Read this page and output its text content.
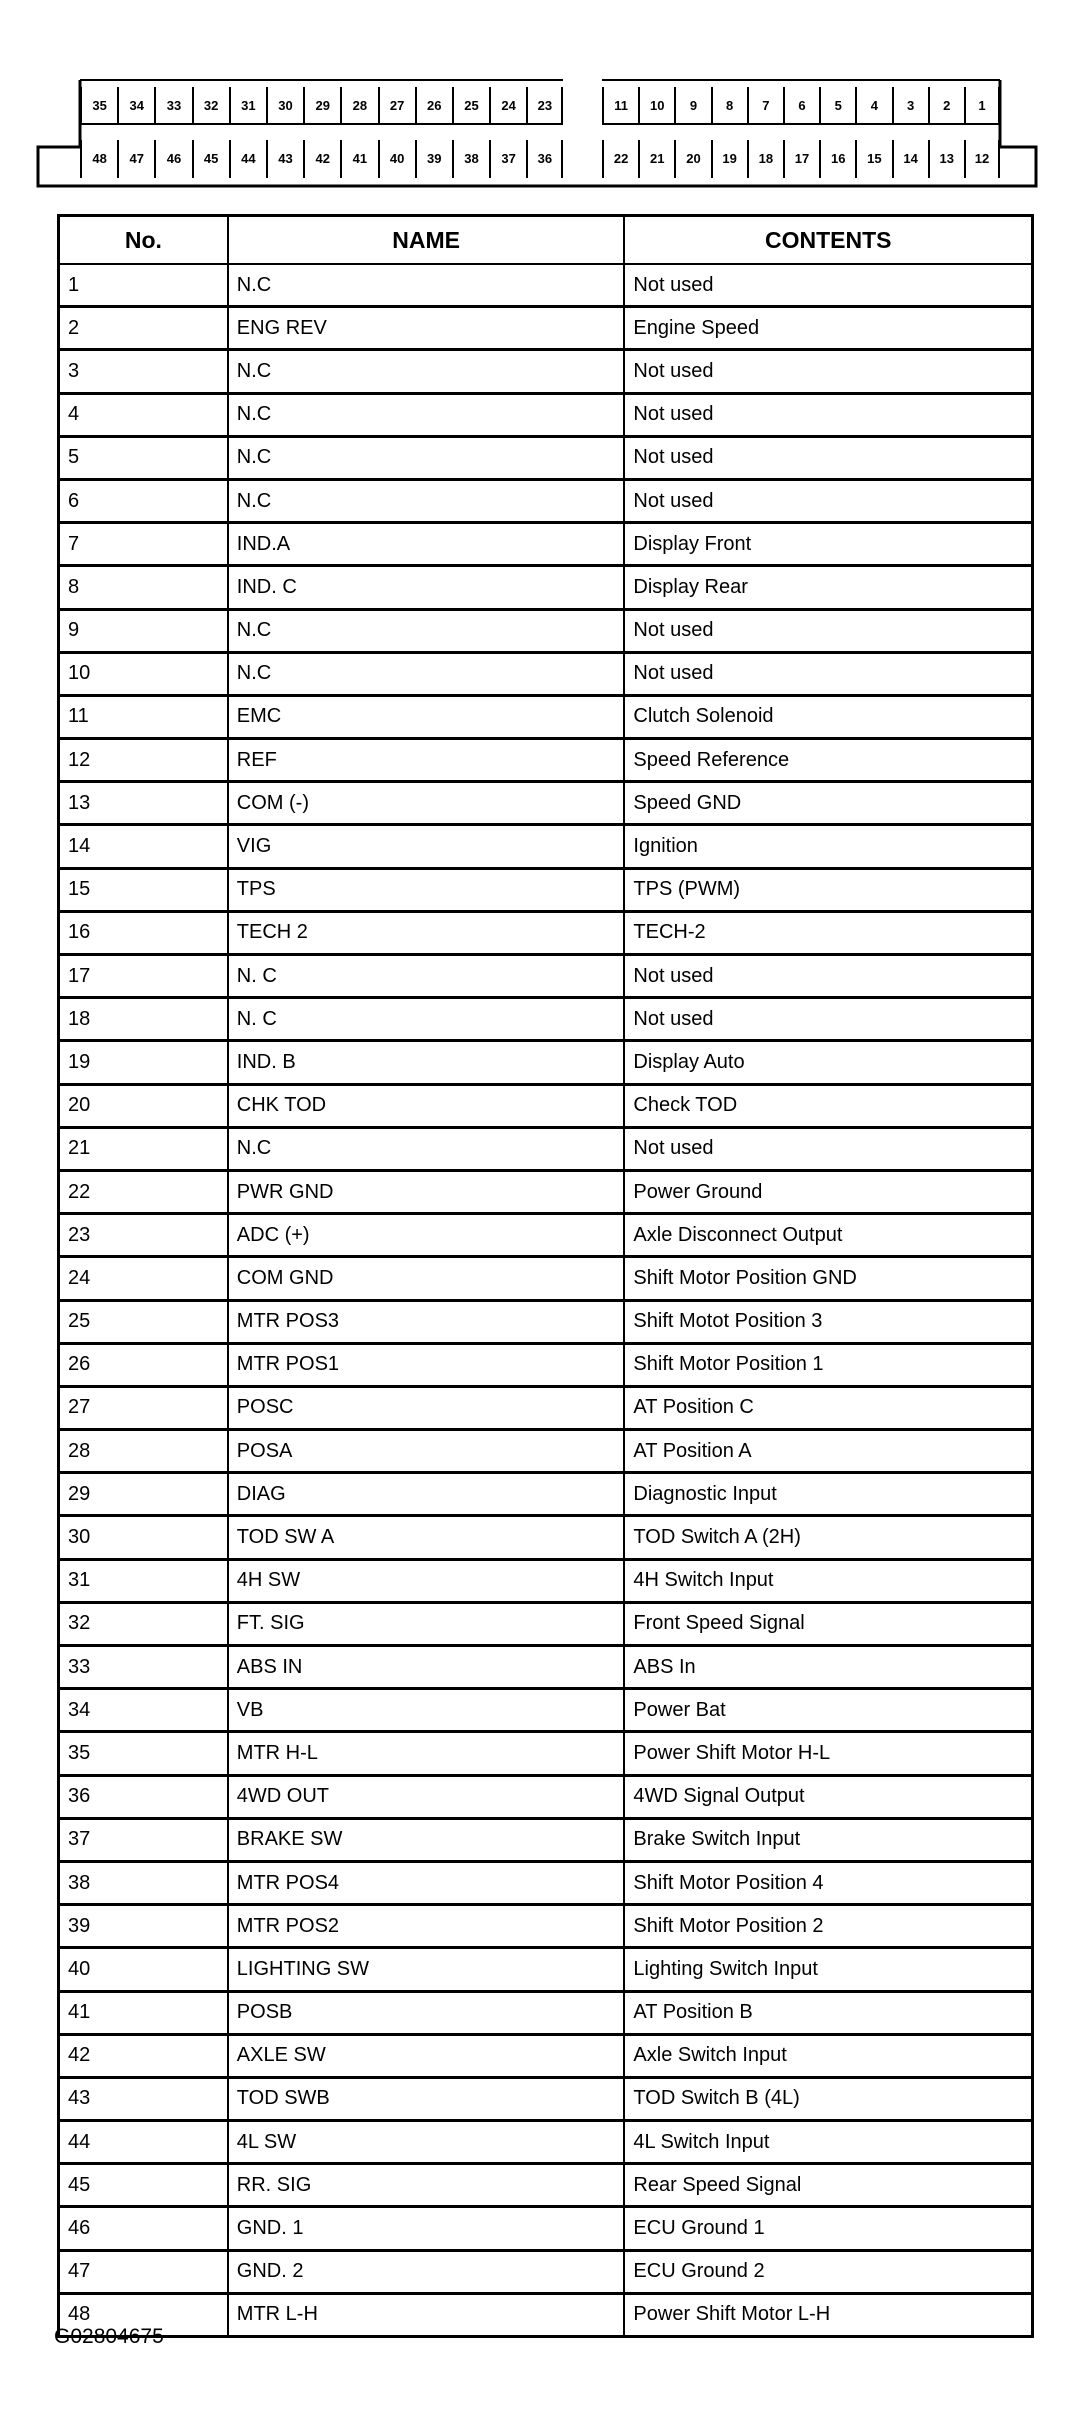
35	34	33	32	31	30	29	28	27	26	25	24	23	11	10	9	8	7	6	5	4	3	2	1
48	47	46	45	44	43	42	41	40	39	38	37	36	22	21	20	19	18	17	16	15	14	13	12
No.	NAME	CONTENTS
1	N.C	Not used
2	ENG REV	Engine Speed
3	N.C	Not used
4	N.C	Not used
5	N.C	Not used
6	N.C	Not used
7	IND.A	Display Front
8	IND. C	Display Rear
9	N.C	Not used
10	N.C	Not used
11	EMC	Clutch Solenoid
12	REF	Speed Reference
13	COM (-)	Speed GND
14	VIG	Ignition
15	TPS	TPS (PWM)
16	TECH 2	TECH-2
17	N. C	Not used
18	N. C	Not used
19	IND. B	Display Auto
20	CHK TOD	Check TOD
21	N.C	Not used
22	PWR GND	Power Ground
23	ADC (+)	Axle Disconnect Output
24	COM GND	Shift Motor Position GND
25	MTR POS3	Shift Motot Position 3
26	MTR POS1	Shift Motor Position 1
27	POSC	AT Position C
28	POSA	AT Position A
29	DIAG	Diagnostic Input
30	TOD SW A	TOD Switch A (2H)
31	4H SW	4H Switch Input
32	FT. SIG	Front Speed Signal
33	ABS IN	ABS In
34	VB	Power Bat
35	MTR H-L	Power Shift Motor H-L
36	4WD OUT	4WD Signal Output
37	BRAKE SW	Brake Switch Input
38	MTR POS4	Shift Motor Position 4
39	MTR POS2	Shift Motor Position 2
40	LIGHTING SW	Lighting Switch Input
41	POSB	AT Position B
42	AXLE SW	Axle Switch Input
43	TOD SWB	TOD Switch B (4L)
44	4L SW	4L Switch Input
45	RR. SIG	Rear Speed Signal
46	GND. 1	ECU Ground 1
47	GND. 2	ECU Ground 2
48	MTR L-H	Power Shift Motor L-H
G02804675
